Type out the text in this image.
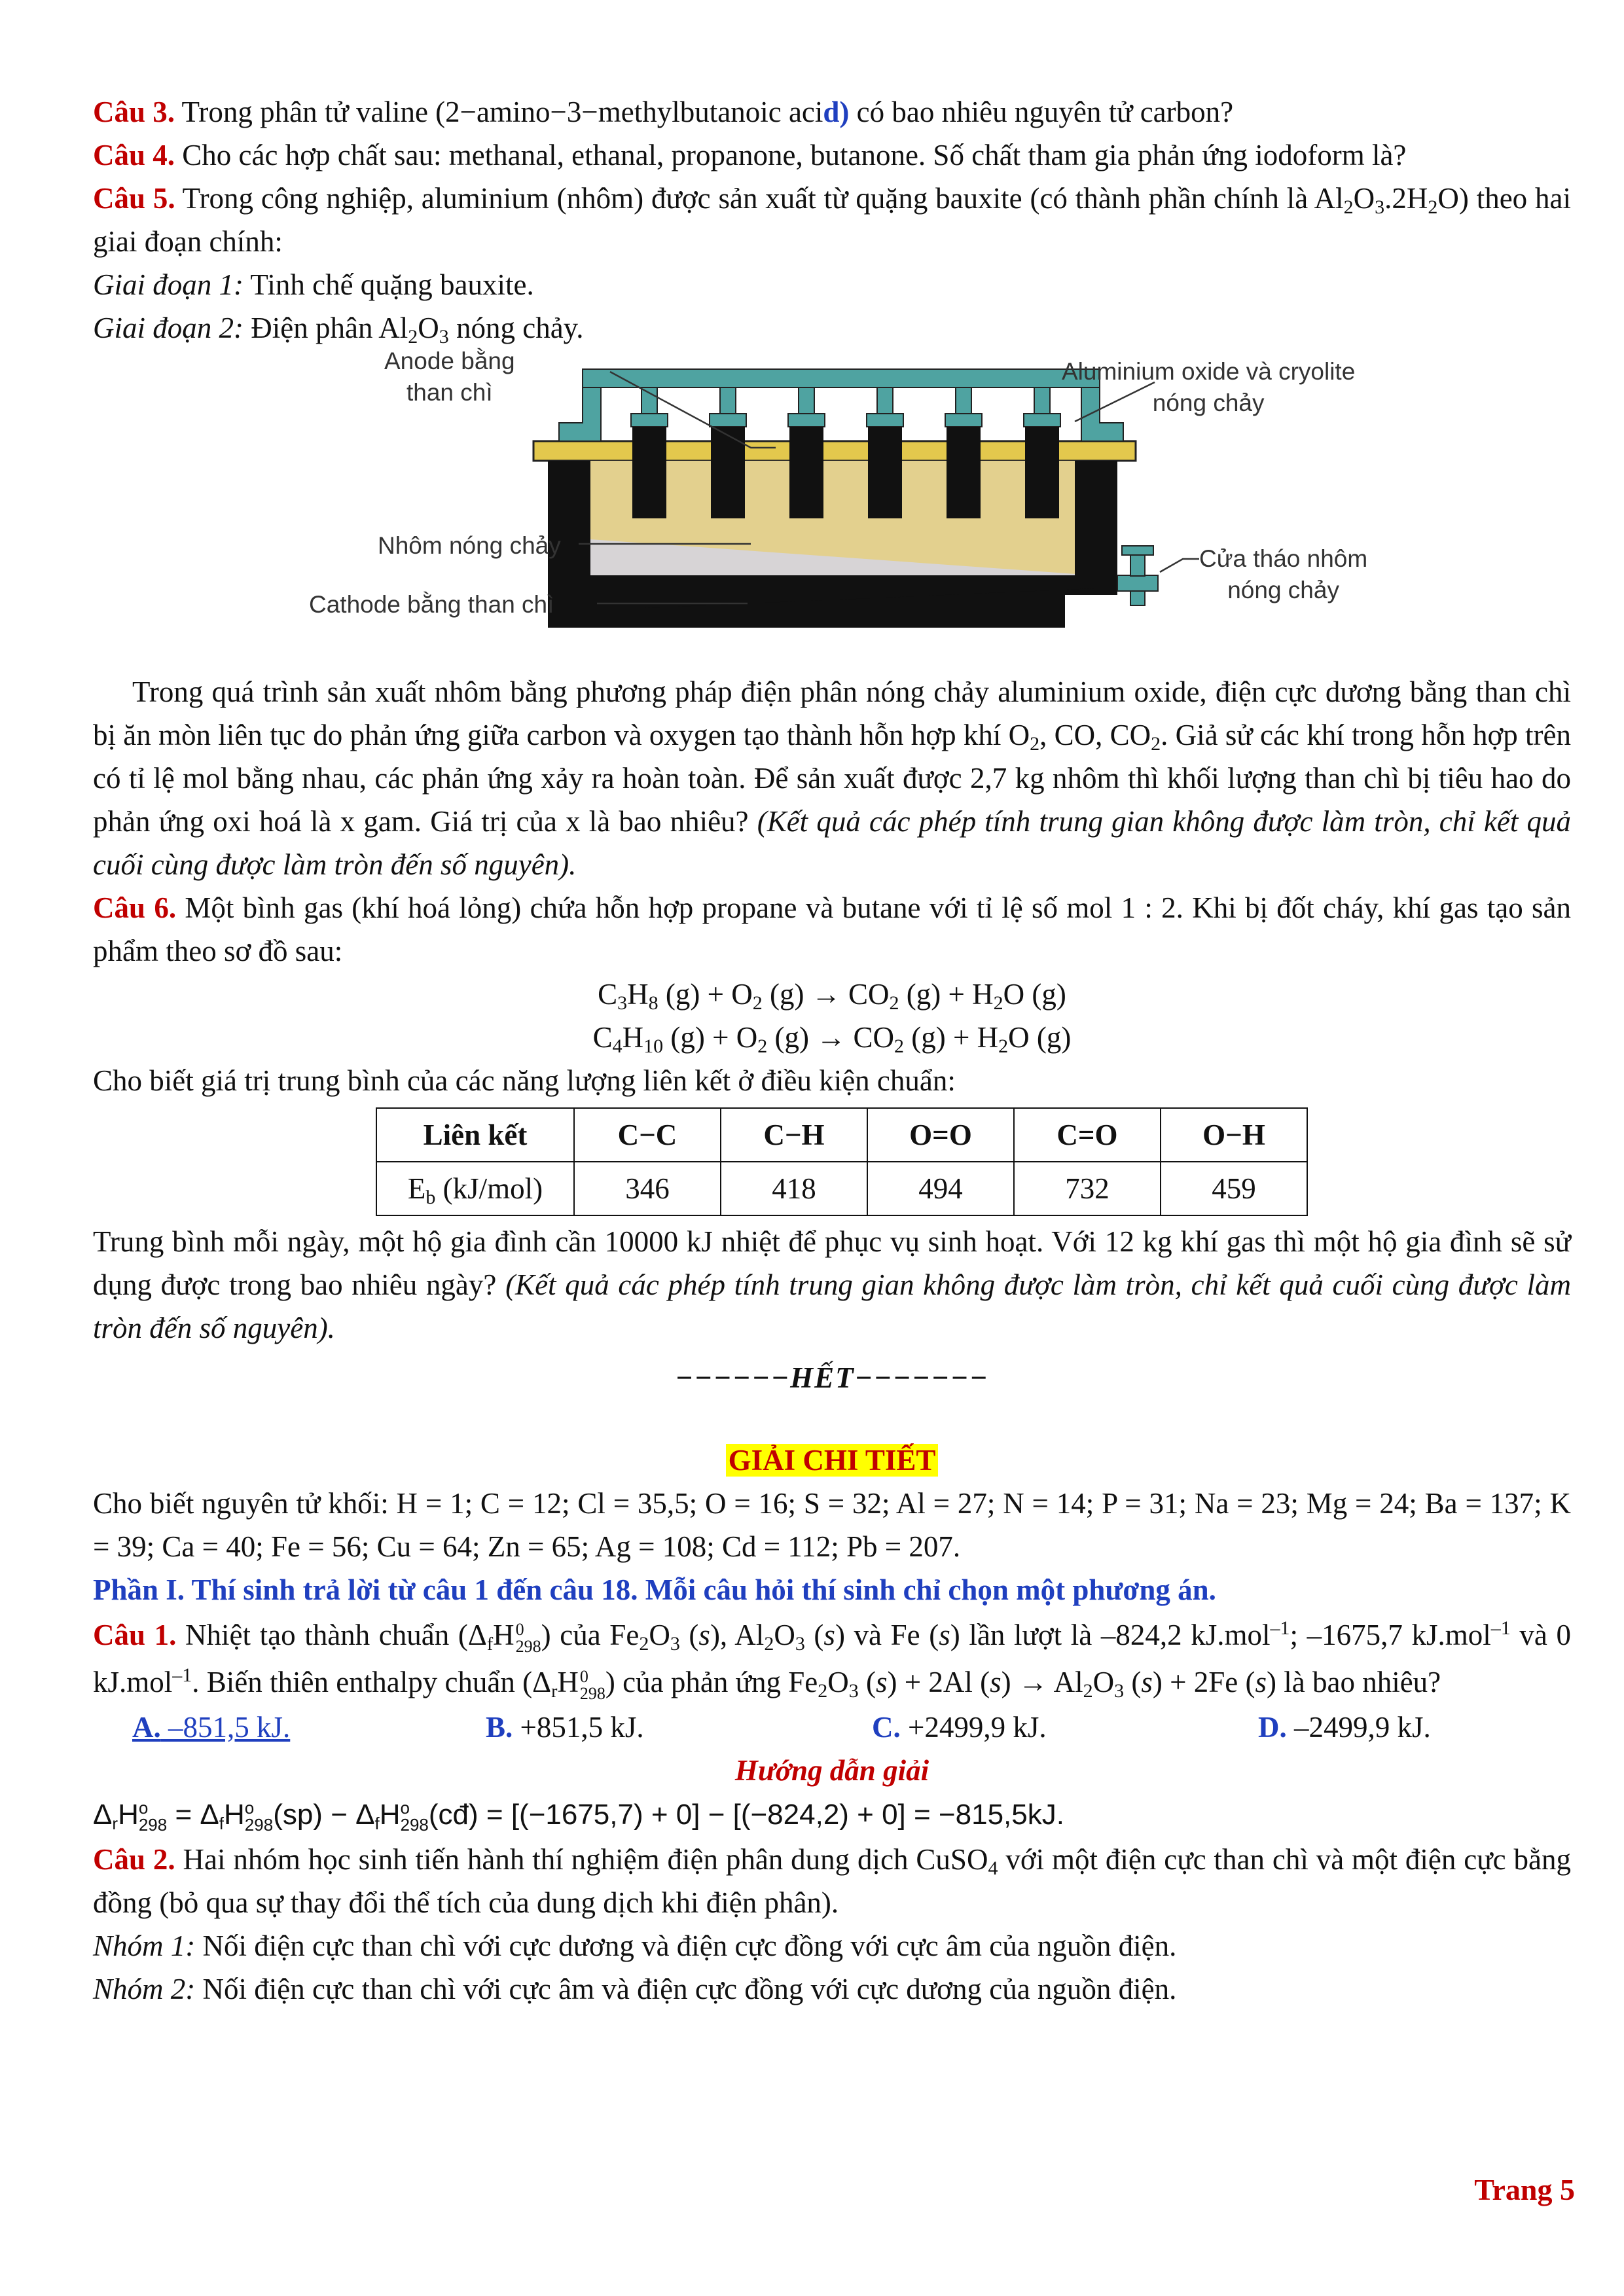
Câu 3. Trong phân tử valine (2−amino−3−methylbutanoic acid) có bao nhiêu nguyên tử carbon?

Câu 4. Cho các hợp chất sau: methanal, ethanal, propanone, butanone. Số chất tham gia phản ứng iodoform là?

Câu 5. Trong công nghiệp, aluminium (nhôm) được sản xuất từ quặng bauxite (có thành phần chính là $Al_2O_3.2H_2O$) theo hai giai đoạn chính:

Giai đoạn 1: Tinh chế quặng bauxite.

Giai đoạn 2: Điện phân $Al_2O_3$ nóng chảy.

Anode bằng
than chì
Aluminium oxide và cryolite
nóng chảy
Nhôm nóng chảy
Cathode bằng than chì
Cửa tháo nhôm
nóng chảy

Trong quá trình sản xuất nhôm bằng phương pháp điện phân nóng chảy aluminium oxide, điện cực dương bằng than chì bị ăn mòn liên tục do phản ứng giữa carbon và oxygen tạo thành hỗn hợp khí $O_2$, CO, $CO_2$. Giả sử các khí trong hỗn hợp trên có tỉ lệ mol bằng nhau, các phản ứng xảy ra hoàn toàn. Để sản xuất được 2,7 kg nhôm thì khối lượng than chì bị tiêu hao do phản ứng oxi hoá là x gam. Giá trị của x là bao nhiêu? (Kết quả các phép tính trung gian không được làm tròn, chỉ kết quả cuối cùng được làm tròn đến số nguyên).

Câu 6. Một bình gas (khí hoá lỏng) chứa hỗn hợp propane và butane với tỉ lệ số mol 1 : 2. Khi bị đốt cháy, khí gas tạo sản phẩm theo sơ đồ sau:

$C_3H_8$ $(g) + O_2$ $(g) \to CO_2$ $(g) + H_2O$ (g)

$C_4H_{10}$ $(g) + O_2$ $(g) \to CO_2$ $(g) + H_2O$ (g)

Cho biết giá trị trung bình của các năng lượng liên kết ở điều kiện chuẩn:

Liên kết	C−C	C−H	O=O	C=O	O−H
$E_b$ (kJ/mol)	346	418	494	732	459

Trung bình mỗi ngày, một hộ gia đình cần 10000 kJ nhiệt để phục vụ sinh hoạt. Với 12 kg khí gas thì một hộ gia đình sẽ sử dụng được trong bao nhiêu ngày? (Kết quả các phép tính trung gian không được làm tròn, chỉ kết quả cuối cùng được làm tròn đến số nguyên).

−−−−−−HẾT−−−−−−−

GIẢI CHI TIẾT

Cho biết nguyên tử khối: H = 1; C = 12; Cl = 35,5; O = 16; S = 32; Al = 27; N = 14; P = 31; Na = 23; Mg = 24; Ba = 137; K = 39; Ca = 40; Fe = 56; Cu = 64; Zn = 65; Ag = 108; Cd = 112; Pb = 207.

Phần I. Thí sinh trả lời từ câu 1 đến câu 18. Mỗi câu hỏi thí sinh chỉ chọn một phương án.

Câu 1. Nhiệt tạo thành chuẩn ($\Delta_fH$ 0
298 ) của $Fe_2O_3$ (s), $Al_2O_3$ (s) và Fe (s) lần lượt là –824,2 kJ.mol$^{-1}$; –1675,7 kJ.mol$^{-1}$ và 0 kJ.mol$^{-1}$. Biến thiên enthalpy chuẩn ($\Delta_rH$ 0
298 ) của phản ứng $Fe_2O_3$ (s) + 2Al $(s) \to Al_2O_3$ (s) + 2Fe (s) là bao nhiêu?

A. –851,5 kJ.	B. +851,5 kJ.	C. +2499,9 kJ.	D. –2499,9 kJ.

Hướng dẫn giải

$\Delta_rH$ o
$298 = \Delta_fH$ o
298 $(sp) - \Delta_fH$ o
298 (cđ) = [(−1675,7) + 0] − [(−824,2) + 0] = −815,5kJ.

Câu 2. Hai nhóm học sinh tiến hành thí nghiệm điện phân dung dịch CuSO$_4$ với một điện cực than chì và một điện cực bằng đồng (bỏ qua sự thay đổi thể tích của dung dịch khi điện phân).

Nhóm 1: Nối điện cực than chì với cực dương và điện cực đồng với cực âm của nguồn điện.

Nhóm 2: Nối điện cực than chì với cực âm và điện cực đồng với cực dương của nguồn điện.

Trang 5
